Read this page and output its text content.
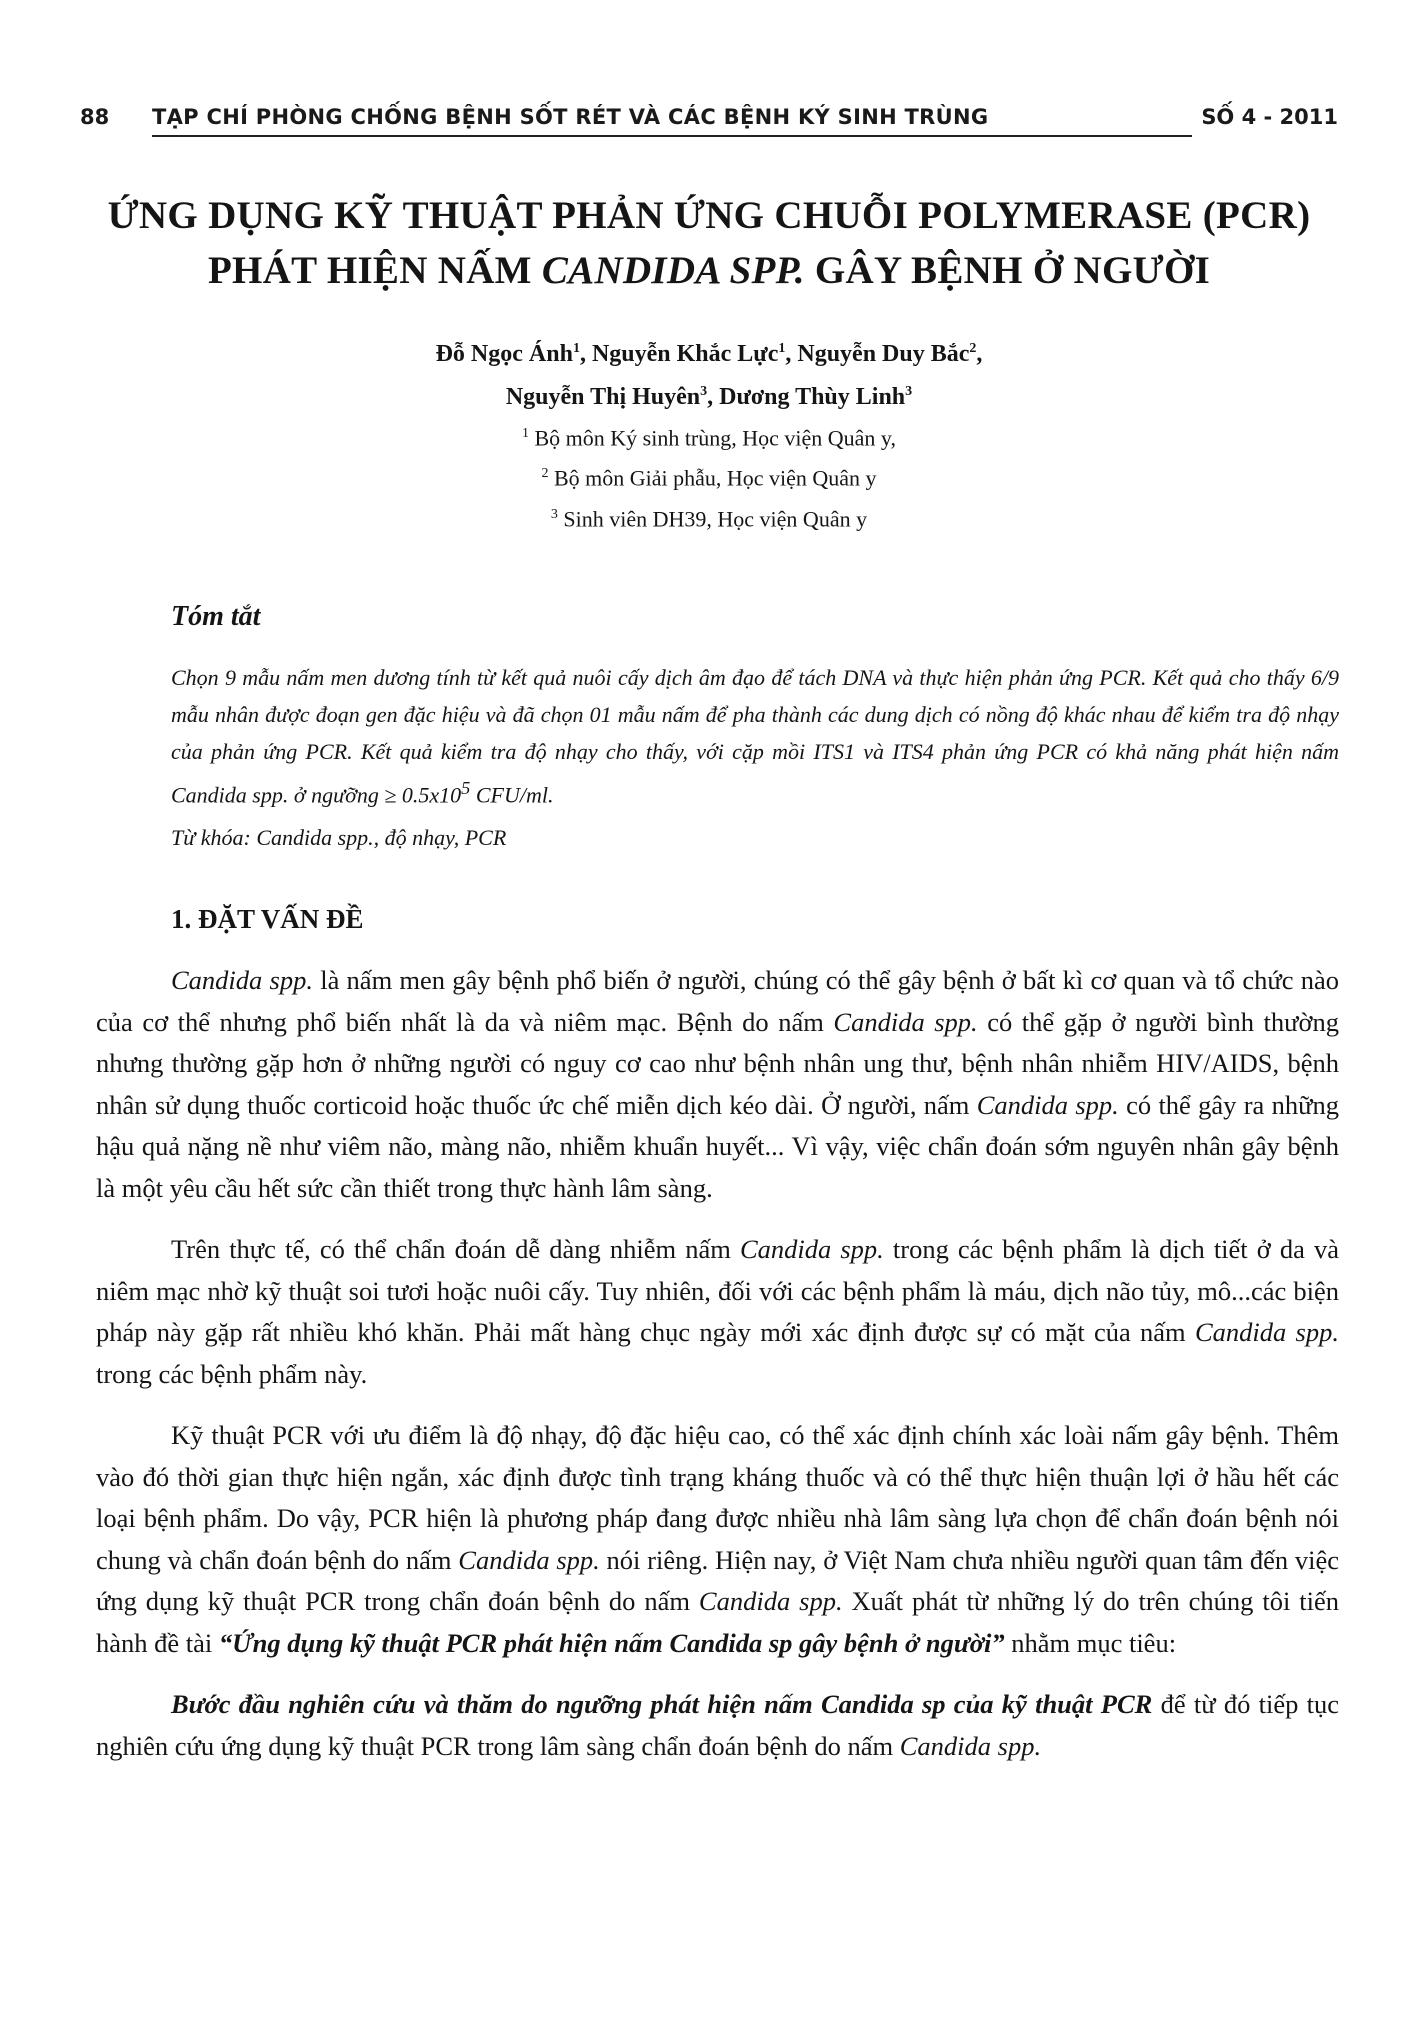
88 TẠP CHÍ PHÒNG CHỐNG BỆNH SỐT RÉT VÀ CÁC BỆNH KÝ SINH TRÙNG	SỐ 4 - 2011

ỨNG DỤNG KỸ THUẬT PHẢN ỨNG CHUỖI POLYMERASE (PCR)

PHÁT HIỆN NẤM CANDIDA SPP. GÂY BỆNH Ở NGƯỜI

Đỗ Ngọc Ánh$^1$, Nguyễn Khắc Lực$^1$, Nguyễn Duy Bắc$^2$,

Nguyễn Thị Huyên$^3$, Dương Thùy Linh$^3$

$^1$ Bộ môn Ký sinh trùng, Học viện Quân y,

$^2$ Bộ môn Giải phẫu, Học viện Quân y

$^3$ Sinh viên DH39, Học viện Quân y

Tóm tắt

Chọn 9 mẫu nấm men dương tính từ kết quả nuôi cấy dịch âm đạo để tách DNA và thực hiện phản ứng PCR. Kết quả cho thấy 6/9 mẫu nhân được đoạn gen đặc hiệu và đã chọn 01 mẫu nấm để pha thành các dung dịch có nồng độ khác nhau để kiểm tra độ nhạy của phản ứng PCR. Kết quả kiểm tra độ nhạy cho thấy, với cặp mồi ITS1 và ITS4 phản ứng PCR có khả năng phát hiện nấm Candida spp. ở ngưỡng ≥ $0.5x10^5$ CFU/ml.

Từ khóa: Candida spp., độ nhạy, PCR

1. ĐẶT VẤN ĐỀ

Candida spp. là nấm men gây bệnh phổ biến ở người, chúng có thể gây bệnh ở bất kì cơ quan và tổ chức nào của cơ thể nhưng phổ biến nhất là da và niêm mạc. Bệnh do nấm Candida spp. có thể gặp ở người bình thường nhưng thường gặp hơn ở những người có nguy cơ cao như bệnh nhân ung thư, bệnh nhân nhiễm HIV/AIDS, bệnh nhân sử dụng thuốc corticoid hoặc thuốc ức chế miễn dịch kéo dài. Ở người, nấm Candida spp. có thể gây ra những hậu quả nặng nề như viêm não, màng não, nhiễm khuẩn huyết... Vì vậy, việc chẩn đoán sớm nguyên nhân gây bệnh là một yêu cầu hết sức cần thiết trong thực hành lâm sàng.

Trên thực tế, có thể chẩn đoán dễ dàng nhiễm nấm Candida spp. trong các bệnh phẩm là dịch tiết ở da và niêm mạc nhờ kỹ thuật soi tươi hoặc nuôi cấy. Tuy nhiên, đối với các bệnh phẩm là máu, dịch não tủy, mô...các biện pháp này gặp rất nhiều khó khăn. Phải mất hàng chục ngày mới xác định được sự có mặt của nấm Candida spp. trong các bệnh phẩm này.

Kỹ thuật PCR với ưu điểm là độ nhạy, độ đặc hiệu cao, có thể xác định chính xác loài nấm gây bệnh. Thêm vào đó thời gian thực hiện ngắn, xác định được tình trạng kháng thuốc và có thể thực hiện thuận lợi ở hầu hết các loại bệnh phẩm. Do vậy, PCR hiện là phương pháp đang được nhiều nhà lâm sàng lựa chọn để chẩn đoán bệnh nói chung và chẩn đoán bệnh do nấm Candida spp. nói riêng. Hiện nay, ở Việt Nam chưa nhiều người quan tâm đến việc ứng dụng kỹ thuật PCR trong chẩn đoán bệnh do nấm Candida spp. Xuất phát từ những lý do trên chúng tôi tiến hành đề tài “Ứng dụng kỹ thuật PCR phát hiện nấm Candida sp gây bệnh ở người” nhằm mục tiêu:

Bước đầu nghiên cứu và thăm do ngưỡng phát hiện nấm Candida sp của kỹ thuật PCR để từ đó tiếp tục nghiên cứu ứng dụng kỹ thuật PCR trong lâm sàng chẩn đoán bệnh do nấm Candida spp.
